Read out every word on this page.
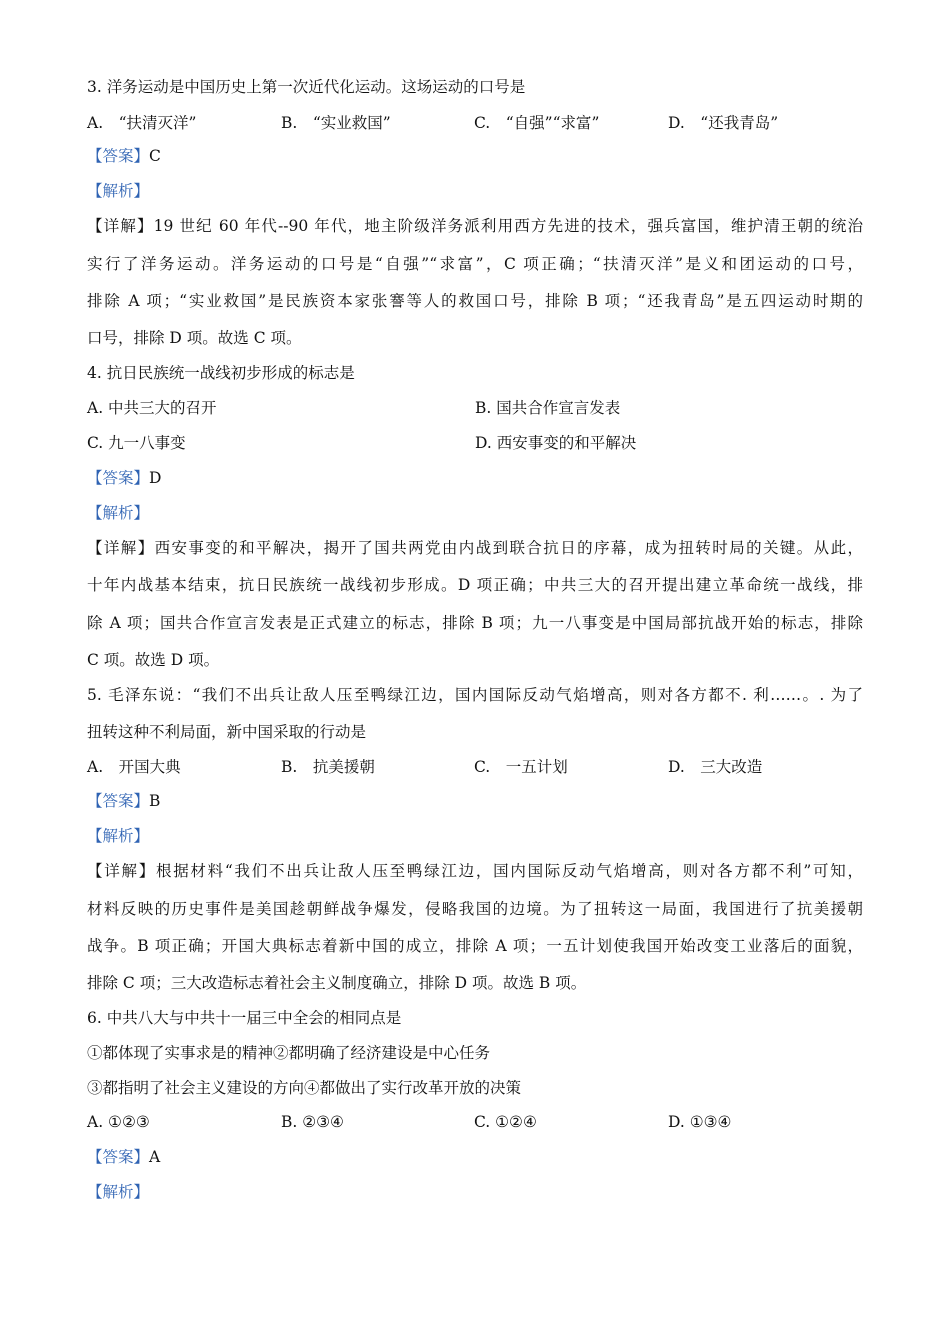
3. 洋务运动是中国历史上第一次近代化运动。这场运动的口号是
A.　“扶清灭洋”	B.　“实业救国”	C.　“自强”“求富”	D.　“还我青岛”
【答案】C
【解析】
【详解】19 世纪 60 年代--90 年代，地主阶级洋务派利用西方先进的技术，强兵富国，维护清王朝的统治
实行了洋务运动。洋务运动的口号是“自强”“求富”，C 项正确；“扶清灭洋”是义和团运动的口号，
排除 A 项；“实业救国”是民族资本家张謇等人的救国口号，排除 B 项；“还我青岛”是五四运动时期的
口号，排除 D 项。故选 C 项。
4. 抗日民族统一战线初步形成的标志是
A. 中共三大的召开	B. 国共合作宣言发表
C. 九一八事变	D. 西安事变的和平解决
【答案】D
【解析】
【详解】西安事变的和平解决，揭开了国共两党由内战到联合抗日的序幕，成为扭转时局的关键。从此，
十年内战基本结束，抗日民族统一战线初步形成。D 项正确；中共三大的召开提出建立革命统一战线，排
除 A 项；国共合作宣言发表是正式建立的标志，排除 B 项；九一八事变是中国局部抗战开始的标志，排除
C 项。故选 D 项。
5. 毛泽东说：“我们不出兵让敌人压至鸭绿江边，国内国际反动气焰增高，则对各方都不. 利……。. 为了
扭转这种不利局面，新中国采取的行动是
A.　开国大典	B.　抗美援朝	C.　一五计划	D.　三大改造
【答案】B
【解析】
【详解】根据材料“我们不出兵让敌人压至鸭绿江边，国内国际反动气焰增高，则对各方都不利”可知，
材料反映的历史事件是美国趁朝鲜战争爆发，侵略我国的边境。为了扭转这一局面，我国进行了抗美援朝
战争。B 项正确；开国大典标志着新中国的成立，排除 A 项；一五计划使我国开始改变工业落后的面貌，
排除 C 项；三大改造标志着社会主义制度确立，排除 D 项。故选 B 项。
6. 中共八大与中共十一届三中全会的相同点是
①都体现了实事求是的精神②都明确了经济建设是中心任务
③都指明了社会主义建设的方向④都做出了实行改革开放的决策
A. ①②③	B. ②③④	C. ①②④	D. ①③④
【答案】A
【解析】
